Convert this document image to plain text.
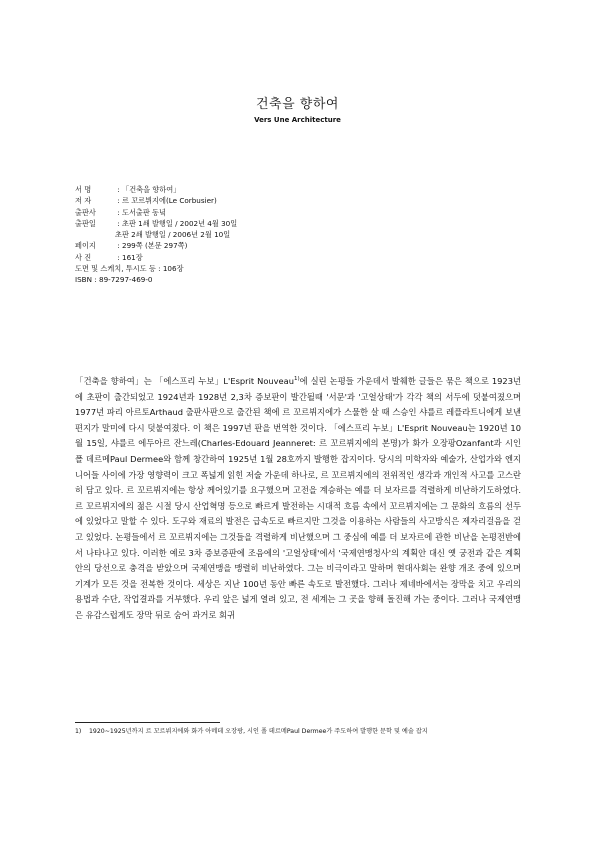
건축을 향하여
Vers Une Architecture
서 명	: 「건축을 향하여」
저 자	: 르 꼬르뷔지에(Le Corbusier)
출판사	: 도서출판 동녘
출판일	: 초판 1쇄 발행일 / 2002년 4월 30일
초판 2쇄 발행일 / 2006년 2월 10일
페이지	: 299쪽 (본문 297쪽)
사 진	: 161장
도면 및 스케치, 투시도 등 : 106장
ISBN : 89-7297-469-0
「건축을 향하여」는 「에스프리 누보」L'Esprit Nouveau$^{1)}$에 실린 논평들 가운데서 발췌한 글들은 묶은 책으로 1923년에 초판이 출간되었고 1924년과 1928년 2,3차 증보판이 발간될때 '서문'과 '고얼상태'가 각각 책의 서두에 덧붙여졌으며 1977년 파리 아르토Arthaud 출판사판으로 출간된 책에 르 꼬르뷔지에가 스물한 살 때 스승인 샤를르 레플라트니에게 보낸 편지가 말미에 다시 덧붙여졌다. 이 책은 1997년 판을 번역한 것이다. 「에스프리 누보」L'Esprit Nouveau는 1920년 10월 15일, 샤를르 에두아르 잔느레(Charles-Edouard Jeanneret: 르 꼬르뷔지에의 본명)가 화가 오장팡Ozanfant과 시인 폴 데르메Paul Dermee와 함께 창간하여 1925년 1월 28호까지 발행한 잡지이다. 당시의 미학자와 예술가, 산업가와 엔지니어들 사이에 가장 영향력이 크고 폭넓게 읽힌 저술 가운데 하나로, 르 꼬르뷔지에의 전위적인 생각과 개인적 사고를 고스란히 담고 있다. 르 꼬르뷔지에는 항상 께어있기를 요구했으며 고전을 계승하는 예를 더 보자르를 격렬하게 비난하기도하였다. 르 꼬르뷔지에의 젊은 시절 당시 산업혁명 등으로 빠르게 발전하는 시대적 흐름 속에서 꼬르뷔지에는 그 문화의 흐름의 선두에 있었다고 말할 수 있다. 도구와 재료의 발전은 급속도로 빠르지만 그것을 이용하는 사람들의 사고방식은 제자리걸음을 걷고 있었다. 논평들에서 르 꼬르뷔지에는 그것들을 격렬하게 비난했으며 그 중심에 예를 더 보자르에 관한 비난을 논평전반에서 나타나고 있다. 이러한 예로 3차 증보증판에 조음에의 '고얼상태'에서 '국제연맹청사'의 계획안 대신 옛 궁전과 같은 계획안의 당선으로 충격을 받았으며 국제연맹을 맹렬히 비난하였다. 그는 비극이라고 말하며 현대사회는 완향 개조 중에 있으며 기계가 모든 것을 전복한 것이다. 세상은 지난 100년 동안 빠른 속도로 발전했다. 그러나 제네바에서는 장막을 치고 우리의 용법과 수단, 작업결과를 거부했다. 우리 앞은 넓게 열려 있고, 전 세계는 그 곳을 향해 돌진해 가는 중이다. 그러나 국제연맹은 유감스럽게도 장막 뒤로 숨어 과거로 회귀
1) 1920~1925년까지 르 꼬르뷔지에와 화가 아메데 오장팡, 시인 폴 데르메Paul Dermee가 주도하여 발행한 문학 및 예술 잡지
